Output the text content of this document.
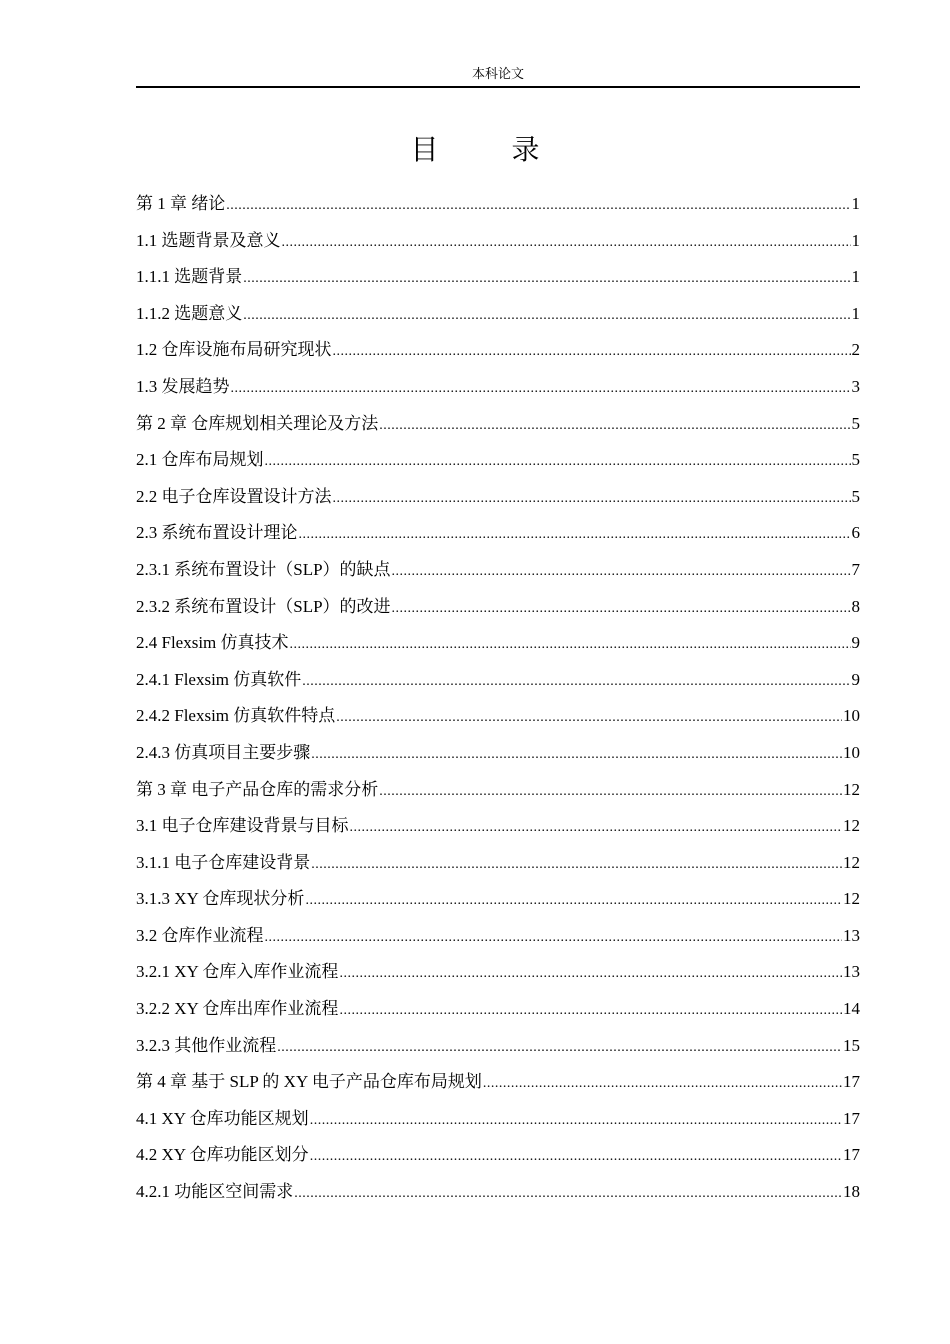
本科论文
目 录
第 1 章 绪论 .....	1
1.1 选题背景及意义 .....	1
1.1.1 选题背景 .....	1
1.1.2 选题意义 .....	1
1.2 仓库设施布局研究现状 .....	2
1.3 发展趋势 .....	3
第 2 章 仓库规划相关理论及方法 .....	5
2.1 仓库布局规划 .....	5
2.2 电子仓库设置设计方法 .....	5
2.3 系统布置设计理论 .....	6
2.3.1 系统布置设计（SLP）的缺点 .....	7
2.3.2 系统布置设计（SLP）的改进 .....	8
2.4 Flexsim 仿真技术 .....	9
2.4.1 Flexsim 仿真软件 .....	9
2.4.2 Flexsim 仿真软件特点 .....	10
2.4.3 仿真项目主要步骤 .....	10
第 3 章 电子产品仓库的需求分析 .....	12
3.1 电子仓库建设背景与目标 .....	12
3.1.1 电子仓库建设背景 .....	12
3.1.3 XY 仓库现状分析 .....	12
3.2 仓库作业流程 .....	13
3.2.1 XY 仓库入库作业流程 .....	13
3.2.2 XY 仓库出库作业流程 .....	14
3.2.3 其他作业流程 .....	15
第 4 章 基于 SLP 的 XY 电子产品仓库布局规划 .....	17
4.1 XY 仓库功能区规划 .....	17
4.2 XY 仓库功能区划分 .....	17
4.2.1 功能区空间需求 .....	18
